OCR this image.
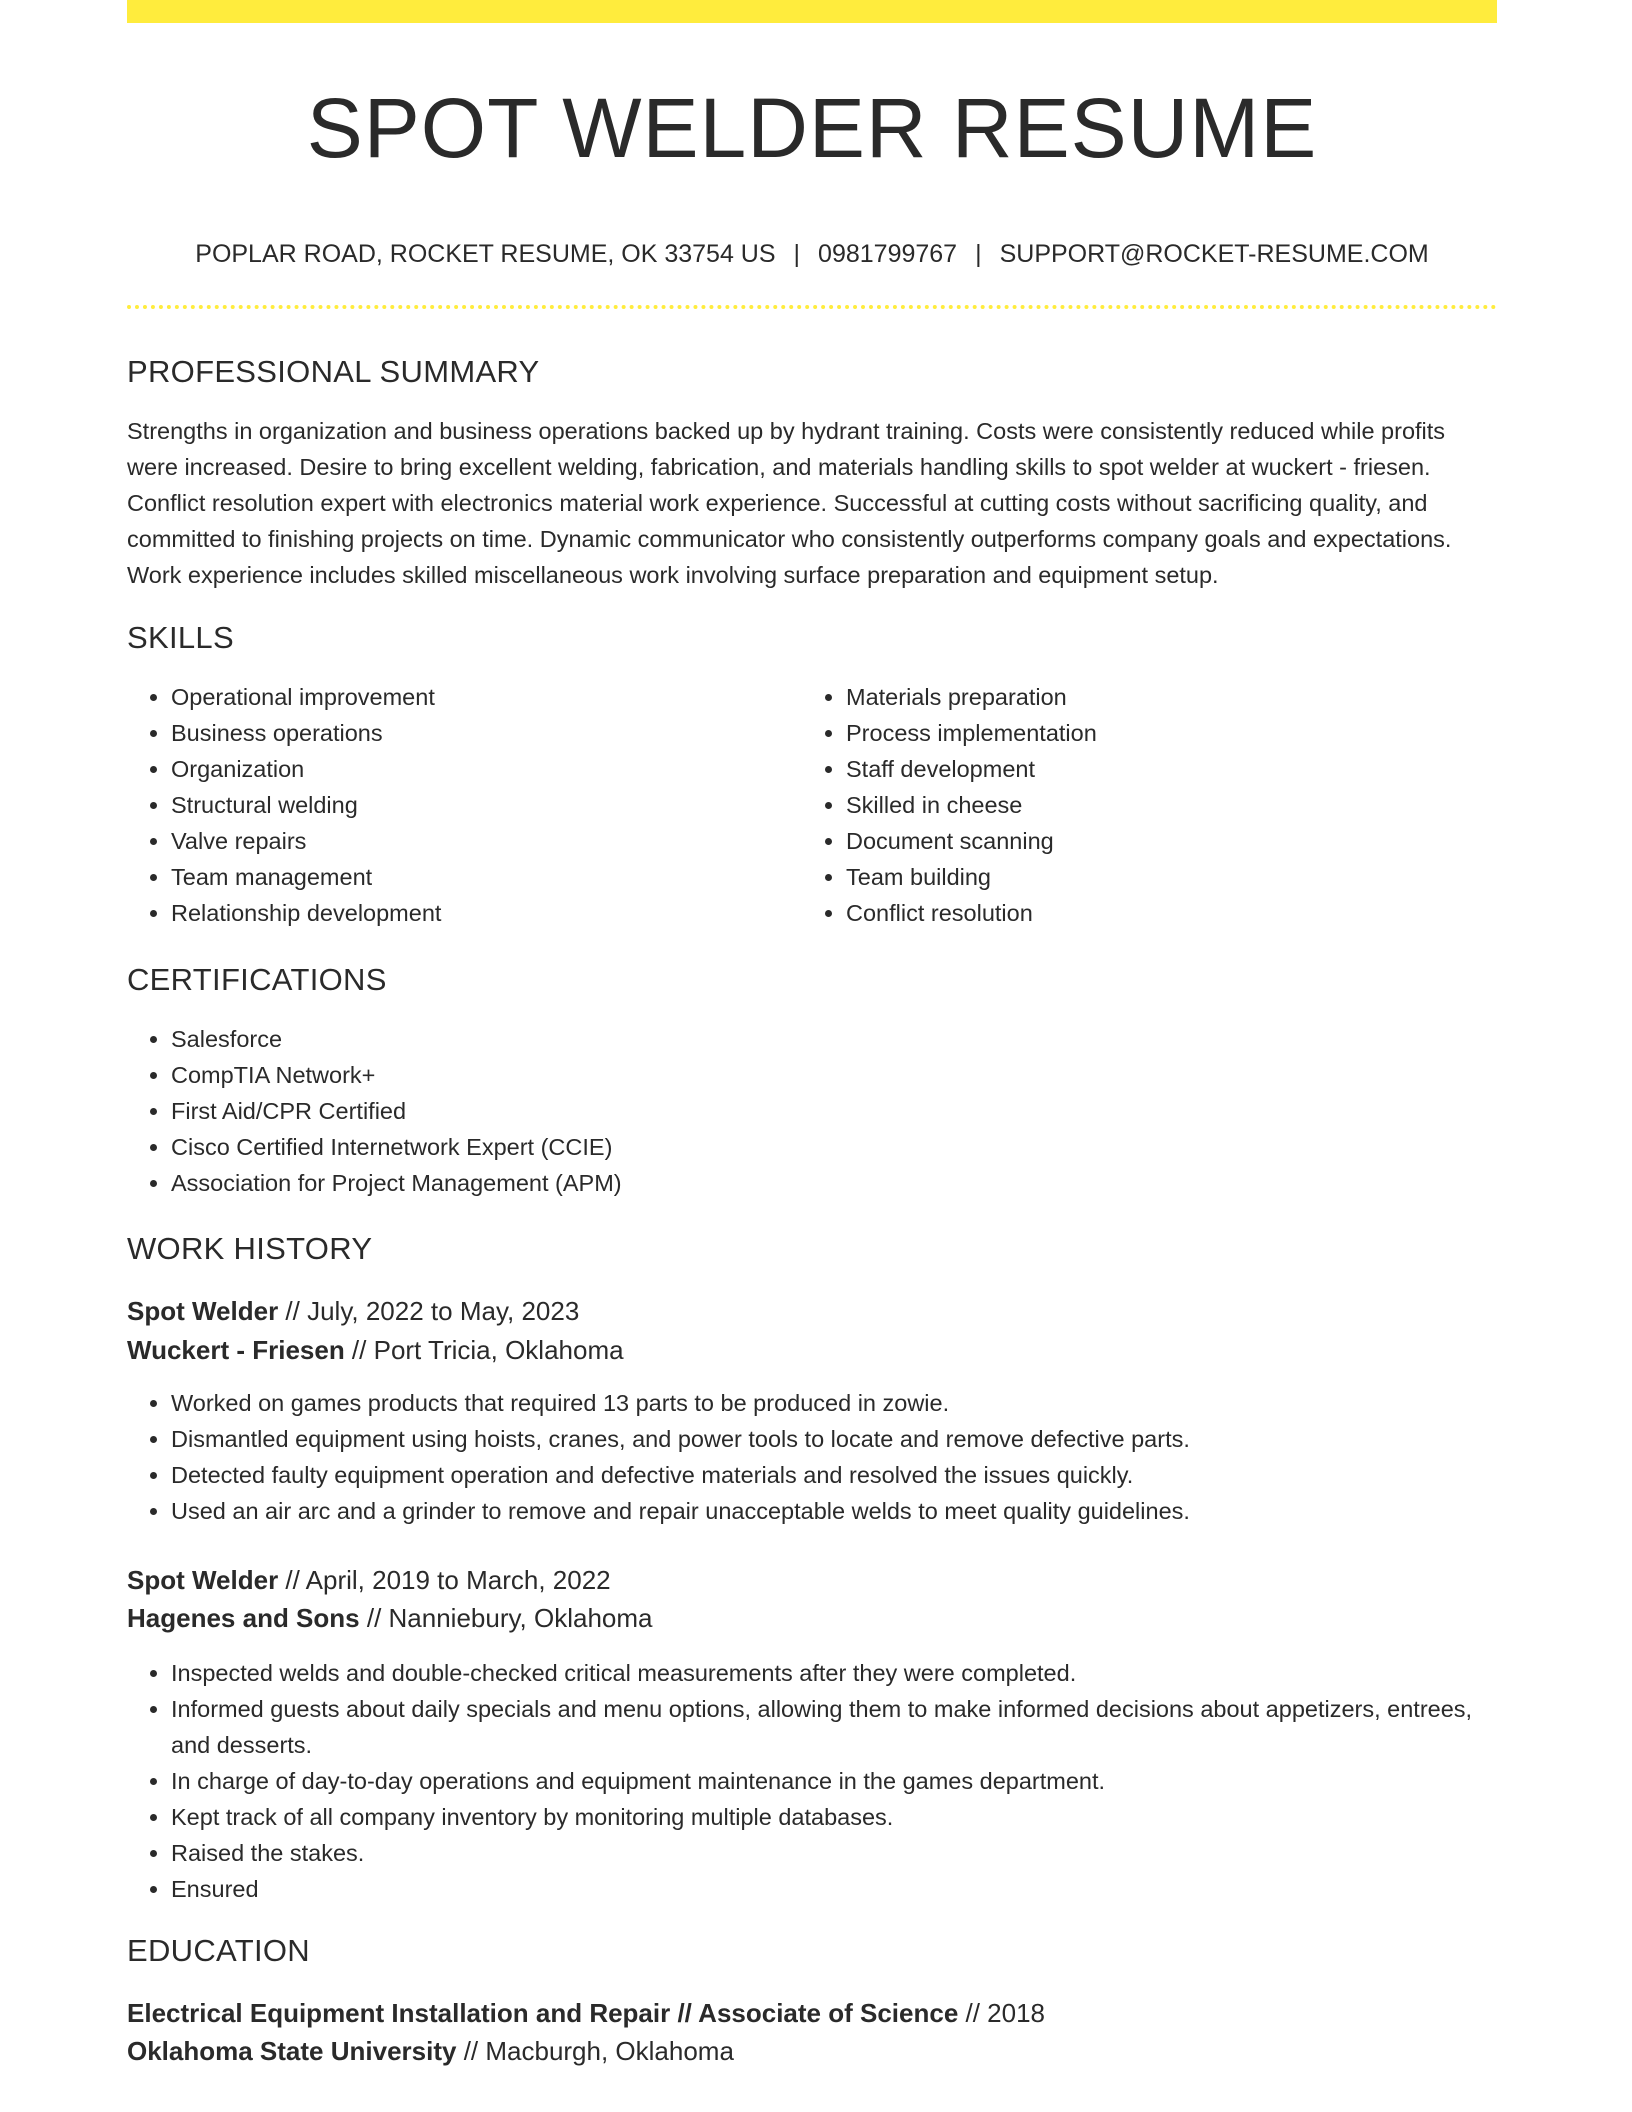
SPOT WELDER RESUME
POPLAR ROAD, ROCKET RESUME, OK 33754 US | 0981799767 | SUPPORT@ROCKET-RESUME.COM
PROFESSIONAL SUMMARY
Strengths in organization and business operations backed up by hydrant training. Costs were consistently reduced while profits were increased. Desire to bring excellent welding, fabrication, and materials handling skills to spot welder at wuckert - friesen. Conflict resolution expert with electronics material work experience. Successful at cutting costs without sacrificing quality, and committed to finishing projects on time. Dynamic communicator who consistently outperforms company goals and expectations. Work experience includes skilled miscellaneous work involving surface preparation and equipment setup.
SKILLS
• Operational improvement
• Business operations
• Organization
• Structural welding
• Valve repairs
• Team management
• Relationship development
• Materials preparation
• Process implementation
• Staff development
• Skilled in cheese
• Document scanning
• Team building
• Conflict resolution
CERTIFICATIONS
• Salesforce
• CompTIA Network+
• First Aid/CPR Certified
• Cisco Certified Internetwork Expert (CCIE)
• Association for Project Management (APM)
WORK HISTORY
Spot Welder // July, 2022 to May, 2023
Wuckert - Friesen // Port Tricia, Oklahoma
• Worked on games products that required 13 parts to be produced in zowie.
• Dismantled equipment using hoists, cranes, and power tools to locate and remove defective parts.
• Detected faulty equipment operation and defective materials and resolved the issues quickly.
• Used an air arc and a grinder to remove and repair unacceptable welds to meet quality guidelines.
Spot Welder // April, 2019 to March, 2022
Hagenes and Sons // Nanniebury, Oklahoma
• Inspected welds and double-checked critical measurements after they were completed.
• Informed guests about daily specials and menu options, allowing them to make informed decisions about appetizers, entrees, and desserts.
• In charge of day-to-day operations and equipment maintenance in the games department.
• Kept track of all company inventory by monitoring multiple databases.
• Raised the stakes.
• Ensured
EDUCATION
Electrical Equipment Installation and Repair // Associate of Science // 2018
Oklahoma State University // Macburgh, Oklahoma
